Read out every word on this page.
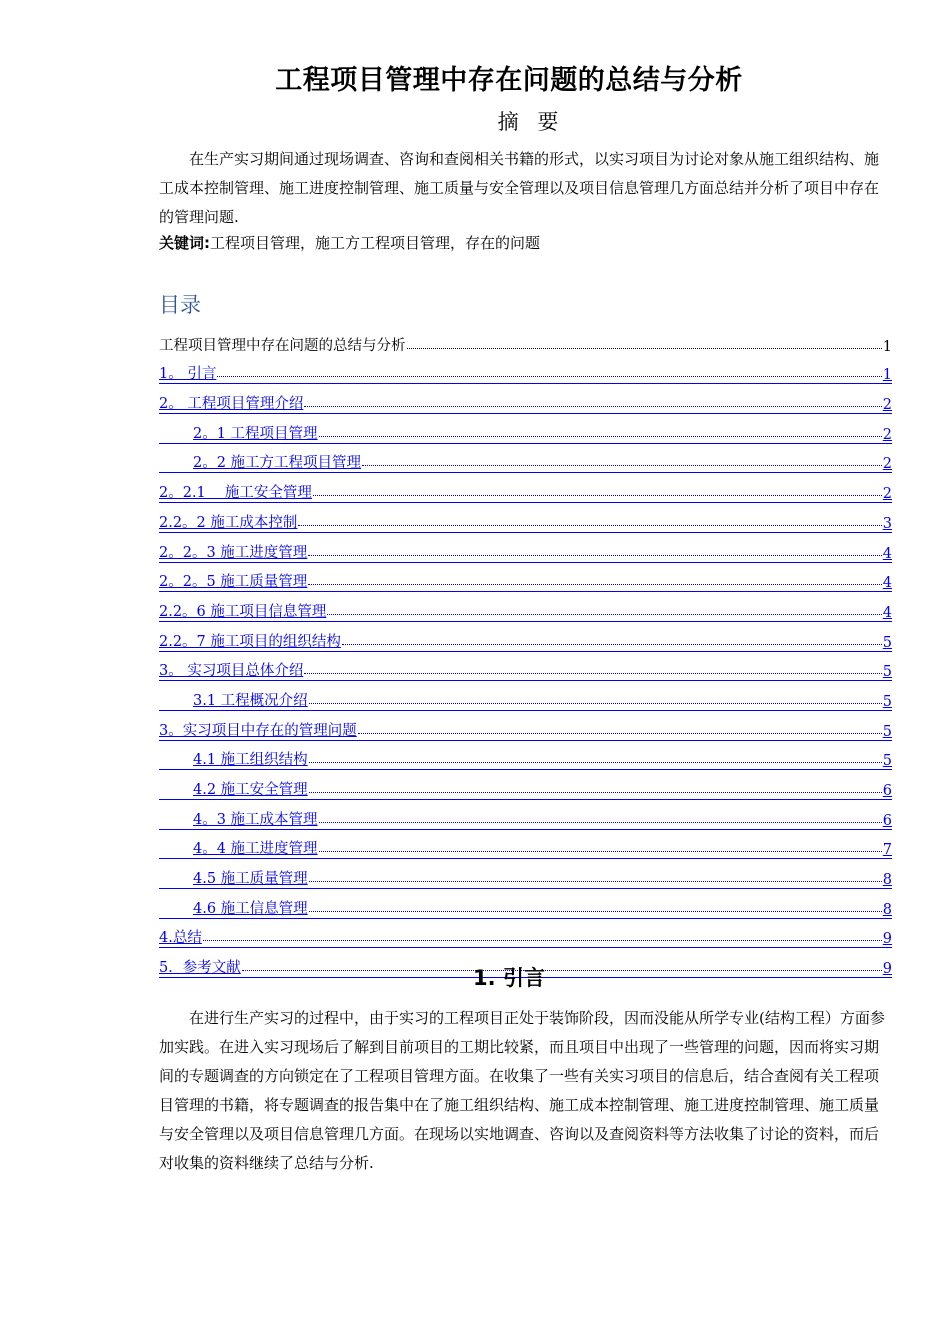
工程项目管理中存在问题的总结与分析
摘 要

　　在生产实习期间通过现场调查、咨询和查阅相关书籍的形式，以实习项目为讨论对象从施工组织结构、施工成本控制管理、施工进度控制管理、施工质量与安全管理以及项目信息管理几方面总结并分析了项目中存在的管理问题.

关键词:工程项目管理，施工方工程项目管理，存在的问题
目录
工程项目管理中存在问题的总结与分析	1
1。 引言	1
2。 工程项目管理介绍	2
2。1 工程项目管理	2
2。2 施工方工程项目管理	2
2。2.1　 施工安全管理	2
2.2。2 施工成本控制	3
2。2。3 施工进度管理	4
2。2。5 施工质量管理	4
2.2。6 施工项目信息管理	4
2.2。7 施工项目的组织结构	5
3。 实习项目总体介绍	5
3.1 工程概况介绍	5
3。实习项目中存在的管理问题	5
4.1 施工组织结构	5
4.2 施工安全管理	6
4。3 施工成本管理	6
4。4 施工进度管理	7
4.5 施工质量管理	8
4.6 施工信息管理	8
4.总结	9
5．参考文献	9
1. 引言

　　在进行生产实习的过程中，由于实习的工程项目正处于装饰阶段，因而没能从所学专业(结构工程）方面参加实践。在进入实习现场后了解到目前项目的工期比较紧，而且项目中出现了一些管理的问题，因而将实习期间的专题调查的方向锁定在了工程项目管理方面。在收集了一些有关实习项目的信息后，结合查阅有关工程项目管理的书籍，将专题调查的报告集中在了施工组织结构、施工成本控制管理、施工进度控制管理、施工质量与安全管理以及项目信息管理几方面。在现场以实地调查、咨询以及查阅资料等方法收集了讨论的资料，而后对收集的资料继续了总结与分析.
